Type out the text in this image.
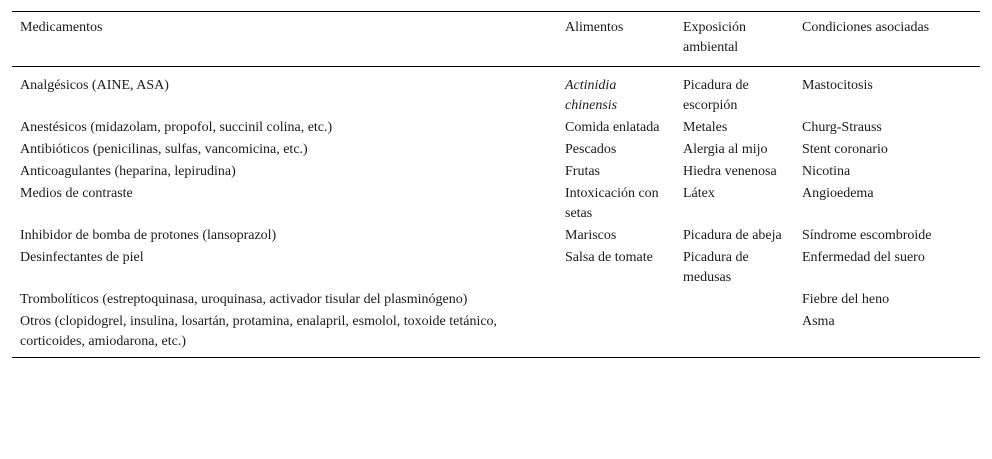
Medicamentos	Alimentos	Exposición ambiental	Condiciones asociadas
Analgésicos (AINE, ASA)	Actinidia chinensis	Picadura de escorpión	Mastocitosis
Anestésicos (midazolam, propofol, succinil colina, etc.)	Comida enlatada	Metales	Churg-Strauss
Antibióticos (penicilinas, sulfas, vancomicina, etc.)	Pescados	Alergia al mijo	Stent coronario
Anticoagulantes (heparina, lepirudina)	Frutas	Hiedra venenosa	Nicotina
Medios de contraste	Intoxicación con setas	Látex	Angioedema
Inhibidor de bomba de protones (lansoprazol)	Mariscos	Picadura de abeja	Síndrome escombroide
Desinfectantes de piel	Salsa de tomate	Picadura de medusas	Enfermedad del suero
Trombolíticos (estreptoquinasa, uroquinasa, activador tisular del plasminógeno)			Fiebre del heno
Otros (clopidogrel, insulina, losartán, protamina, enalapril, esmolol, toxoide tetánico, corticoides, amiodarona, etc.)			Asma
